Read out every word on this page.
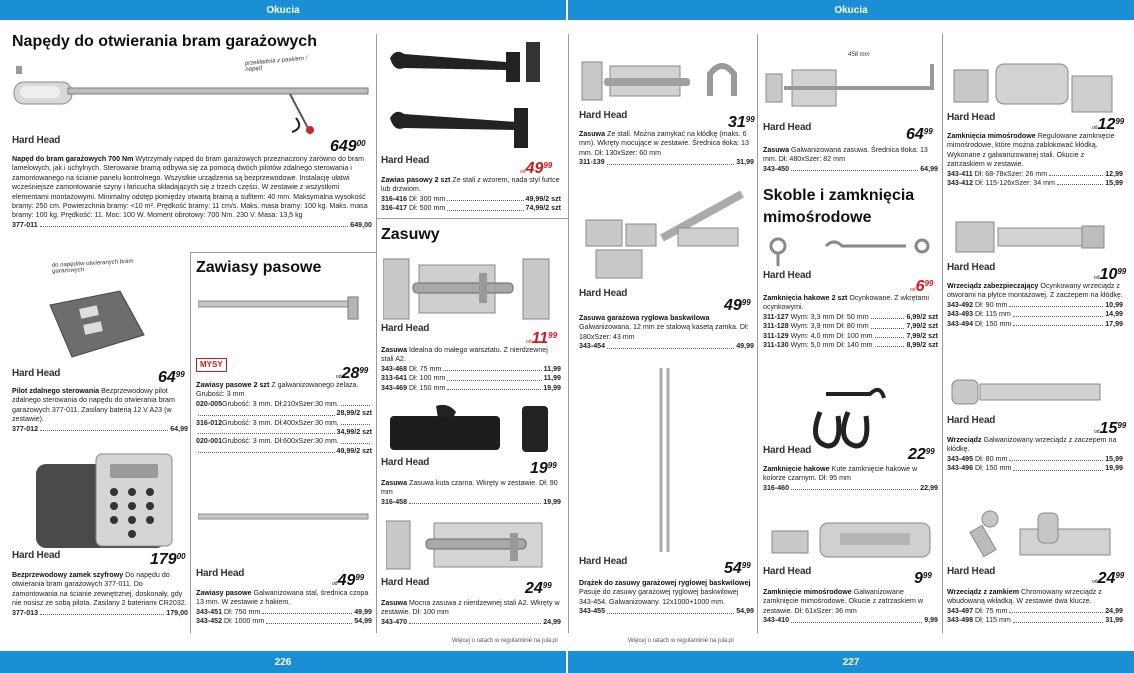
Okucia	Okucia
226	227
Napędy do otwierania bram garażowych
przekładnia z paskiem / napęd
Hard Head	$649^{00}$
Napęd do bram garażowych 700 Nm Wytrzymały napęd do bram garażowych przeznaczony zarówno do bram lamelowych, jak i uchylnych. Sterowanie bramą odbywa się za pomocą dwóch pilotów zdalnego sterowania i zamontowanego na ścianie panelu kontrolnego. Wszystkie urządzenia są bezprzewodowe. Instalację ułatwi wcześniejsze zamontowanie szyny i łańcucha składających się z trzech części. W zestawie z wszystkimi elementami montażowymi. Minimalny odstęp pomiędzy otwartą bramą a sufitem: 40 mm. Maksymalna wysokość bramy: 250 cm. Powierzchnia bramy: <10 m². Prędkość bramy: 11 cm/s. Maks. masa bramy: 100 kg. Maks. masa bramy: 100 kg. Prędkość: 11. Moc: 100 W. Moment obrotowy: 700 Nm. 230 V. Masa: 13,5 kg
377-011	649,00
do napędów otwieranych bram garażowych
Hard Head	$64^{99}$
Pilot zdalnego sterowania Bezprzewodowy pilot zdalnego sterowania do napędu do otwierania bram garażowych 377-011. Zasilany baterią 12 V A23 (w zestawie).
377-012	64,99
Hard Head	$179^{00}$
Bezprzewodowy zamek szyfrowy Do napędu do otwierania bram garażowych 377-011. Do zamontowania na ścianie zewnętrznej, doskonały, gdy nie nosisz ze sobą pilota. Zasilany 2 bateriami CR2032.
377-013	179,00
Zawiasy pasowe
MYSY
$od28^{99}$
Zawiasy pasowe 2 szt Z galwanizowanego żelaza. Grubość: 3 mm
020-005 Grubość: 3 mm. Dł:210xSzer:30 mm.
28,99/2 szt
316-012 Grubość: 3 mm. Dł:400xSzer:30 mm.
34,99/2 szt
020-001 Grubość: 3 mm. Dł:600xSzer:30 mm.
49,99/2 szt
Hard Head
$od49^{99}$
Zawiasy pasowe Galwanizowana stal, średnica czopa 13 mm. W zestawie z hakiem.
343-451
Dł: 750 mm	49,99
343-452
Dł: 1000 mm	54,99
Hard Head
$od49^{99}$
Zawias pasowy 2 szt Ze stali z wzorem, nada styl furtce lub drzwiom.
316-416
Dł: 300 mm	49,99/2 szt
316-417
Dł: 500 mm	74,99/2 szt
Zasuwy
Hard Head
$od11^{99}$
Zasuwa Idealna do małego warsztatu. Z nierdzewnej stali A2.
343-468
Dł: 75 mm	11,99
313-641
Dł: 100 mm	11,99
343-469
Dł: 150 mm	19,99
Hard Head	$19^{99}$
Zasuwa Zasuwa kuta czarna. Wkręty w zestawie. Dł: 90 mm
316-458	19,99
Hard Head	$24^{99}$
Zasuwa Mocna zasuwa z nierdzewnej stali A2. Wkręty w zestawie. Dł: 100 mm
343-470	24,99
Więcej o ratach w regulaminie na jula.pl
Hard Head	$31^{99}$
Zasuwa Ze stali. Można zamykać na kłódkę (maks. 6 mm). Wkręty mocujące w zestawie. Średnica tłoka: 13 mm. Dł: 130xSzer: 60 mm
311-139	31,99
Hard Head
$49^{99}$
Zasuwa garażowa ryglowa baskwilowa Galwanizowana, 12 mm ze stalową kasetą zamka. Dł: 180xSzer: 43 mm
343-454	49,99
Hard Head	$54^{99}$
Drążek do zasuwy garażowej ryglowej baskwilowej Pasuje do zasuwy garażowej ryglowej baskwilowej 343-454. Galwanizowany. 12x1000+1000 mm.
343-455	54,99
Więcej o ratach w regulaminie na jula.pl
458 mm
Hard Head	$64^{99}$
Zasuwa Galwanizowana zasuwa. Średnica tłoka: 13 mm. Dł: 480xSzer: 82 mm
343-450	64,99
Skoble i zamknięcia mimośrodowe
Hard Head
$od6^{99}$
Zamknięcia hakowe 2 szt Ocynkowane. Z wkrętami ocynkowymi.
311-127
Wym: 3,3 mm Dł: 50 mm	6,99/2 szt
311-128
Wym: 3,9 mm Dł: 80 mm	7,99/2 szt
311-129
Wym: 4,0 mm Dł: 100 mm	7,99/2 szt
311-130
Wym: 5,0 mm Dł: 140 mm	8,99/2 szt
Hard Head	$22^{99}$
Zamknięcie hakowe Kute zamknięcie hakowe w kolorze czarnym. Dł: 95 mm
316-460	22,99
Hard Head	$9^{99}$
Zamknięcie mimośrodowe Galwanizowane zamknięcie mimośrodowe. Okucie z zatrzaskiem w zestawie. Dł: 61xSzer: 36 mm
343-410	9,99
Hard Head
$od12^{99}$
Zamknięcia mimośrodowe Regulowane zamknięcie mimośrodowe, które można zablokować kłódką. Wykonane z galwanizowanej stali. Okucie z zatrzaskiem w zestawie.
343-411
Dł: 68-78xSzer: 26 mm	12,99
343-412
Dł: 115-126xSzer: 34 mm	15,99
Hard Head
$od10^{99}$
Wrzeciądz zabezpieczający Ocynkowany wrzeciądz z otworami na płytce montażowej. Z zaczepem na kłódkę.
343-492
Dł: 90 mm	10,99
343-493
Dł: 115 mm	14,99
343-494
Dł: 150 mm	17,99
Hard Head
$od15^{99}$
Wrzeciądz Galwanizowany wrzeciądz z zaczepem na kłódkę.
343-495
Dł: 80 mm	15,99
343-496
Dł: 150 mm	19,99
Hard Head
$od24^{99}$
Wrzeciądz z zamkiem Chromowany wrzeciądz z wbudowaną wkładką. W zestawie dwa klucze.
343-497
Dł: 75 mm	24,99
343-498
Dł: 115 mm	31,99
